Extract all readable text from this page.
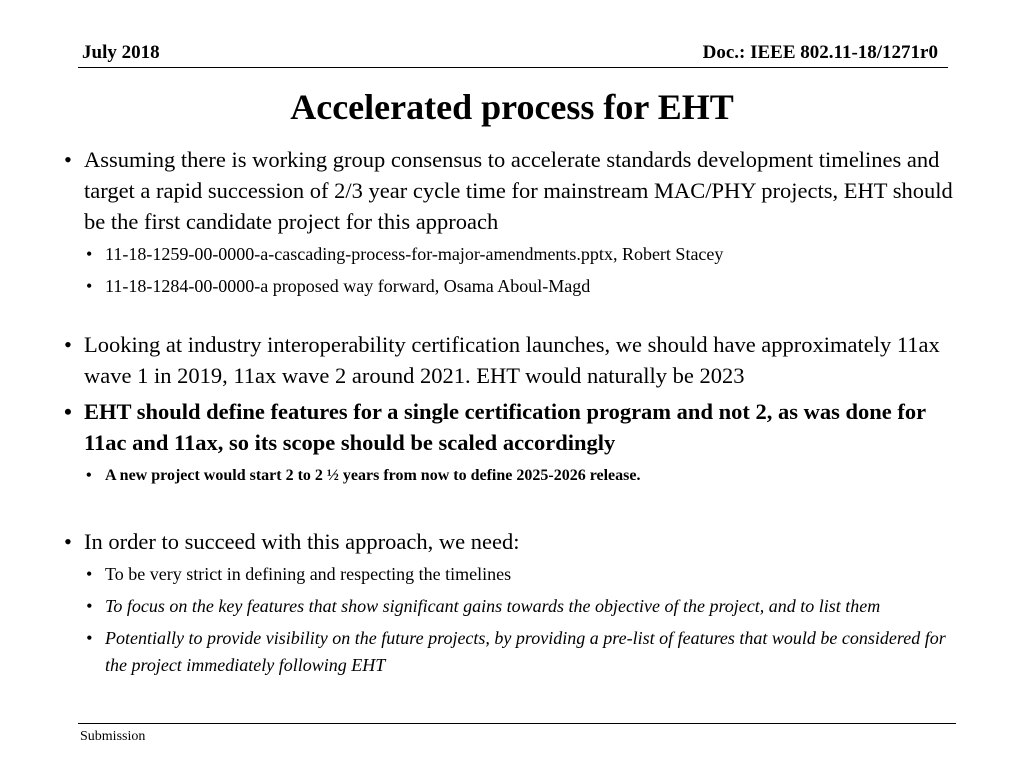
July 2018	Doc.: IEEE 802.11-18/1271r0
Accelerated process for EHT
• Assuming there is working group consensus to accelerate standards development timelines and target a rapid succession of 2/3 year cycle time for mainstream MAC/PHY projects, EHT should be the first candidate project for this approach
• 11-18-1259-00-0000-a-cascading-process-for-major-amendments.pptx, Robert Stacey
• 11-18-1284-00-0000-a proposed way forward, Osama Aboul-Magd
• Looking at industry interoperability certification launches, we should have approximately 11ax wave 1 in 2019, 11ax wave 2 around 2021. EHT would naturally be 2023
• EHT should define features for a single certification program and not 2, as was done for 11ac and 11ax, so its scope should be scaled accordingly
• A new project would start 2 to 2 ½ years from now to define 2025-2026 release.
• In order to succeed with this approach, we need:
• To be very strict in defining and respecting the timelines
• To focus on the key features that show significant gains towards the objective of the project, and to list them
• Potentially to provide visibility on the future projects, by providing a pre-list of features that would be considered for the project immediately following EHT
Submission
